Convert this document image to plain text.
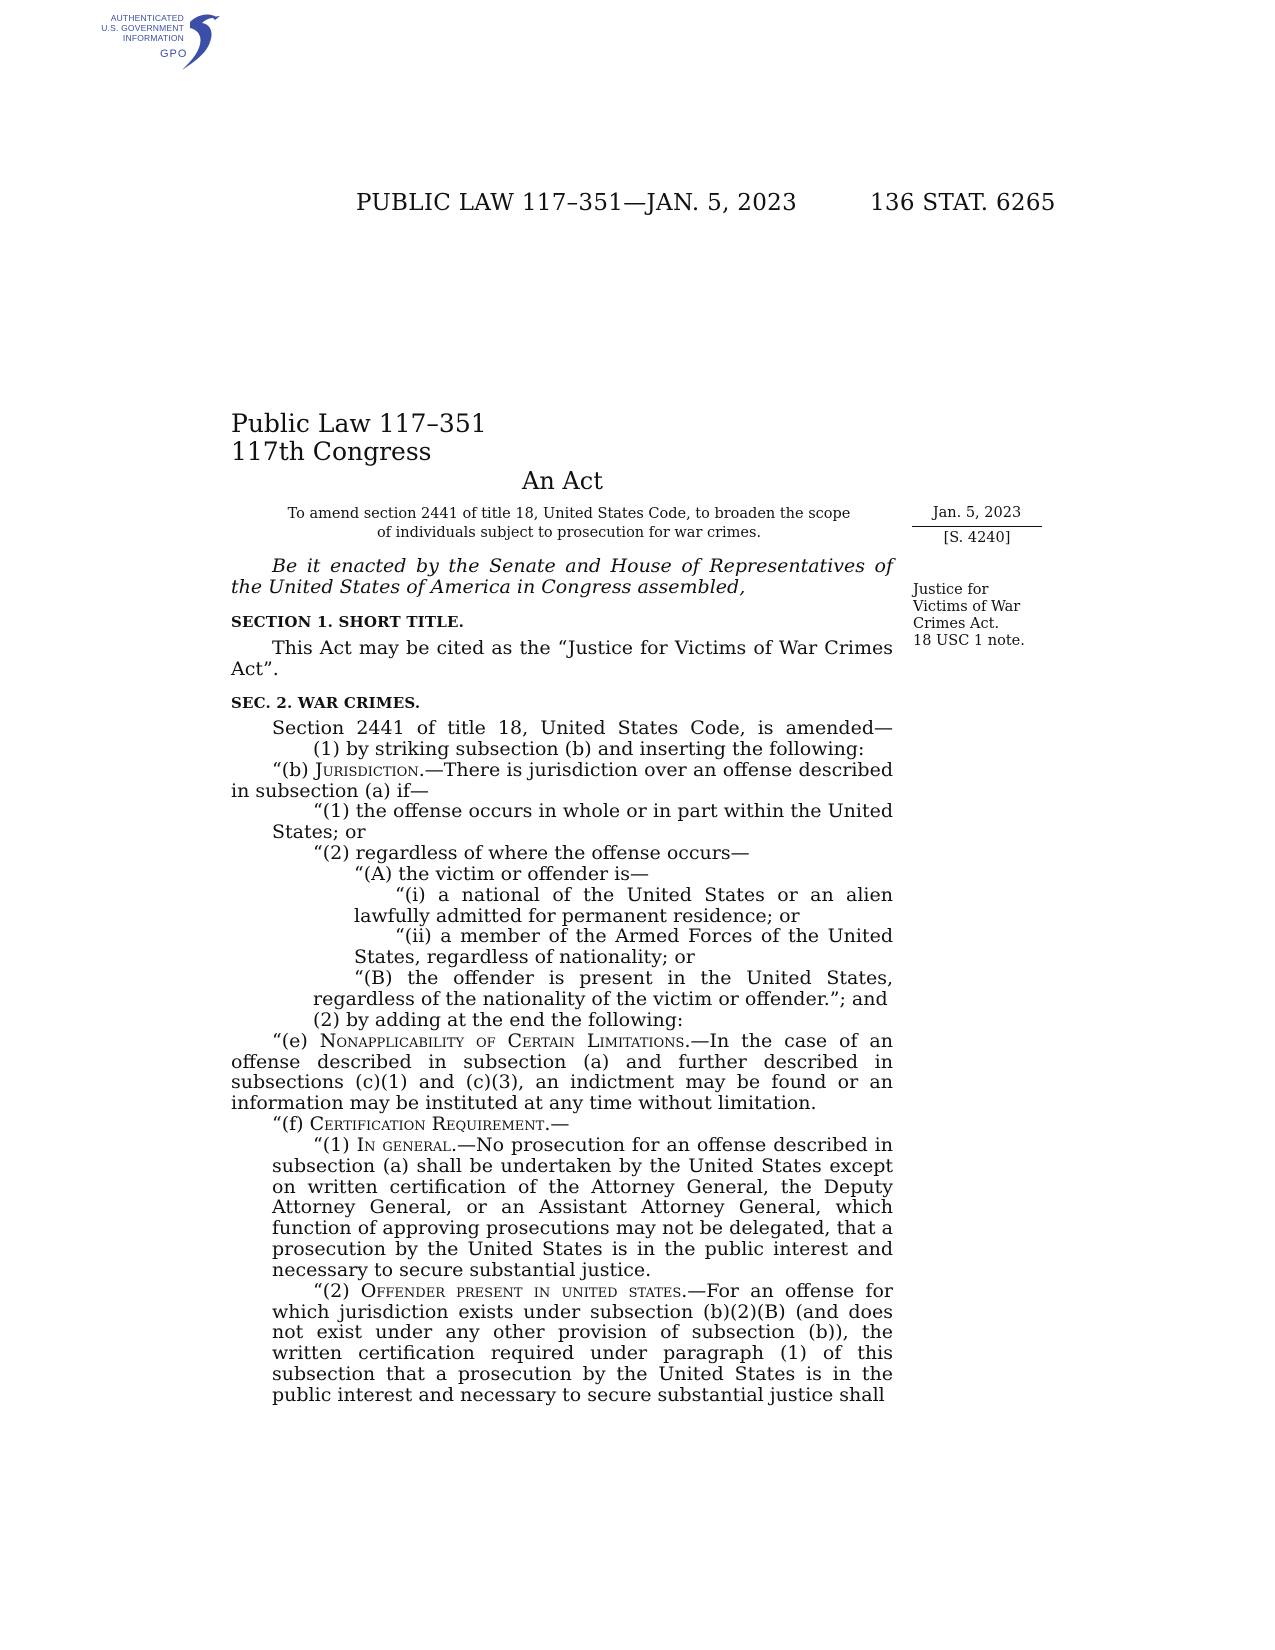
AUTHENTICATED
U.S. GOVERNMENT
INFORMATION
GPO
PUBLIC LAW 117–351—JAN. 5, 2023	136 STAT. 6265
Public Law 117–351
117th Congress
An Act
To amend section 2441 of title 18, United States Code, to broaden the scope
of individuals subject to prosecution for war crimes.
Jan. 5, 2023
[S. 4240]
Justice for
Victims of War
Crimes Act.
18 USC 1 note.

Be it enacted by the Senate and House of Representatives of the United States of America in Congress assembled,

SECTION 1. SHORT TITLE.

This Act may be cited as the “Justice for Victims of War Crimes Act”.

SEC. 2. WAR CRIMES.

Section 2441 of title 18, United States Code, is amended—

(1) by striking subsection (b) and inserting the following:

“(b) Jurisdiction.—There is jurisdiction over an offense described in subsection (a) if—

“(1) the offense occurs in whole or in part within the United States; or

“(2) regardless of where the offense occurs—

“(A) the victim or offender is—

“(i) a national of the United States or an alien lawfully admitted for permanent residence; or

“(ii) a member of the Armed Forces of the United States, regardless of nationality; or

“(B) the offender is present in the United States, regardless of the nationality of the victim or offender.”; and

(2) by adding at the end the following:

“(e) Nonapplicability of Certain Limitations.—In the case of an offense described in subsection (a) and further described in subsections (c)(1) and (c)(3), an indictment may be found or an information may be instituted at any time without limitation.

“(f) Certification Requirement.—

“(1) In general.—No prosecution for an offense described in subsection (a) shall be undertaken by the United States except on written certification of the Attorney General, the Deputy Attorney General, or an Assistant Attorney General, which function of approving prosecutions may not be delegated, that a prosecution by the United States is in the public interest and necessary to secure substantial justice.

“(2) Offender present in united states.—For an offense for which jurisdiction exists under subsection (b)(2)(B) (and does not exist under any other provision of subsection (b)), the written certification required under paragraph (1) of this subsection that a prosecution by the United States is in the public interest and necessary to secure substantial justice shall
